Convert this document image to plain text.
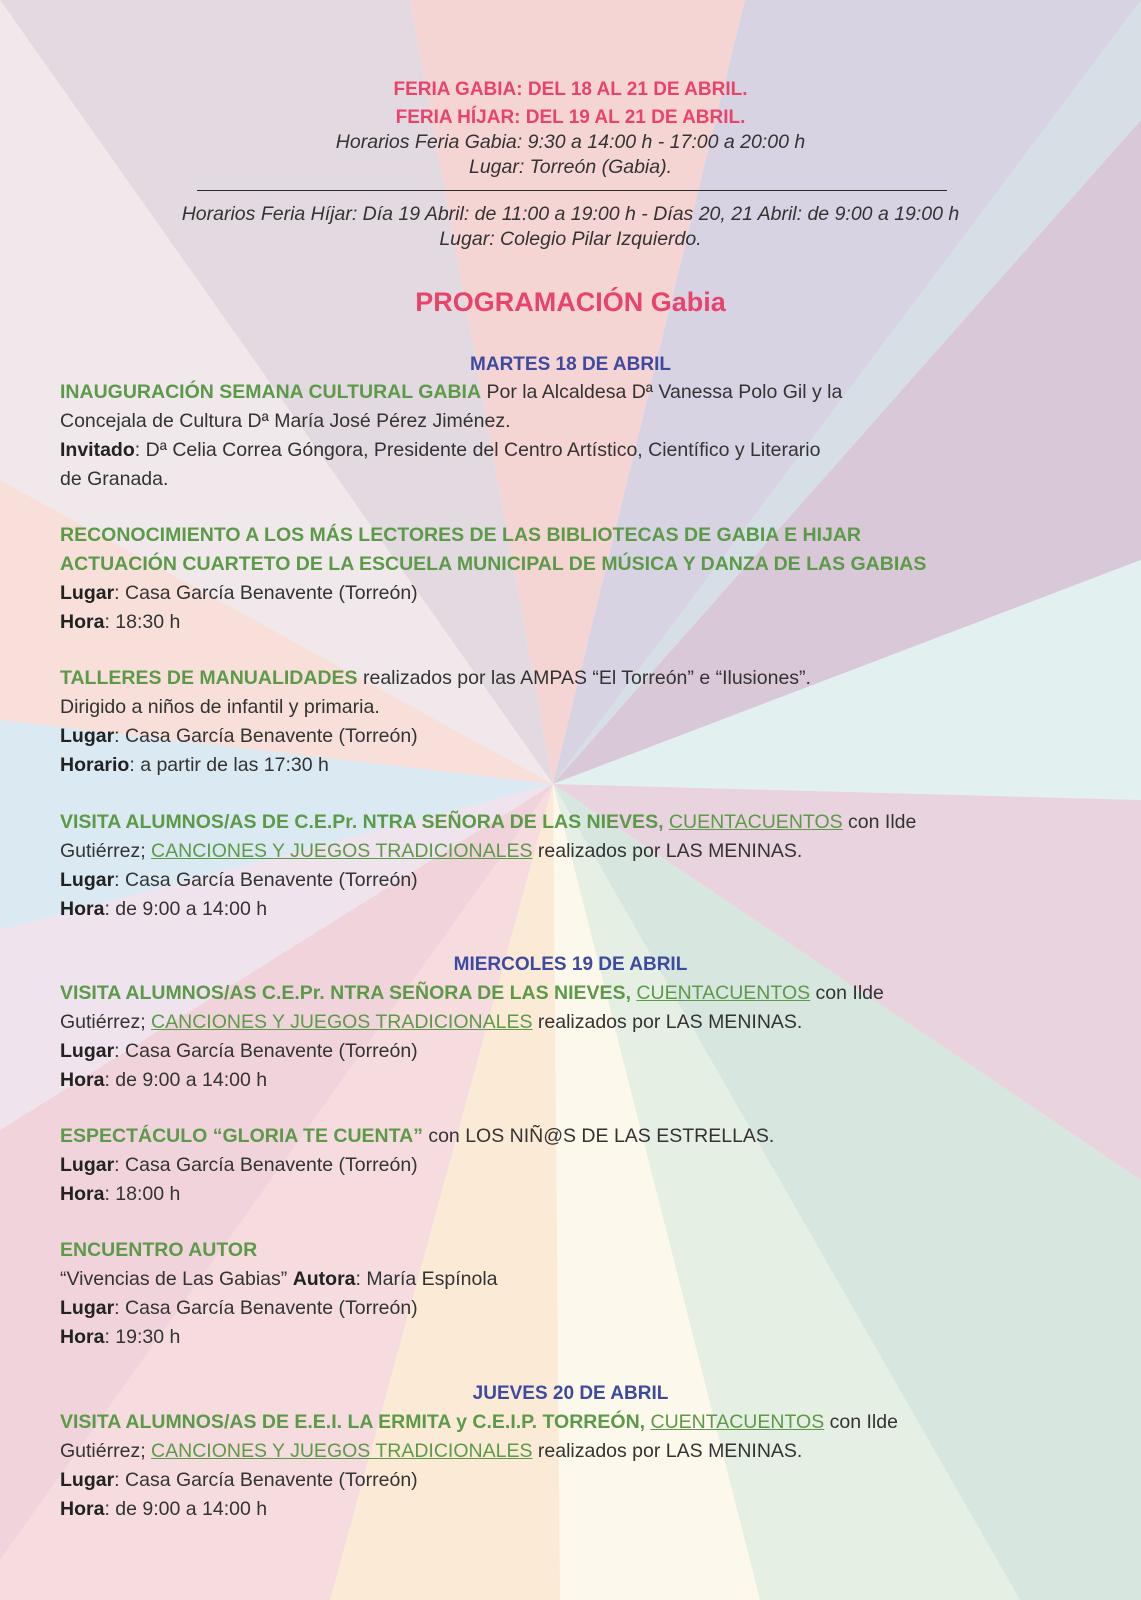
FERIA GABIA: DEL 18 AL 21 DE ABRIL.
FERIA HÍJAR: DEL 19 AL 21 DE ABRIL.
Horarios Feria Gabia: 9:30 a 14:00 h - 17:00 a 20:00 h
Lugar: Torreón (Gabia).
Horarios Feria Híjar: Día 19 Abril: de 11:00 a 19:00 h - Días 20, 21 Abril: de 9:00 a 19:00 h
Lugar: Colegio Pilar Izquierdo.
PROGRAMACIÓN Gabia
MARTES 18 DE ABRIL

INAUGURACIÓN SEMANA CULTURAL GABIA Por la Alcaldesa Dª Vanessa Polo Gil y la

Concejala de Cultura Dª María José Pérez Jiménez.

Invitado: Dª Celia Correa Góngora, Presidente del Centro Artístico, Científico y Literario

de Granada.

RECONOCIMIENTO A LOS MÁS LECTORES DE LAS BIBLIOTECAS DE GABIA E HIJAR

ACTUACIÓN CUARTETO DE LA ESCUELA MUNICIPAL DE MÚSICA Y DANZA DE LAS GABIAS

Lugar: Casa García Benavente (Torreón)

Hora: 18:30 h

TALLERES DE MANUALIDADES realizados por las AMPAS “El Torreón” e “Ilusiones”.

Dirigido a niños de infantil y primaria.

Lugar: Casa García Benavente (Torreón)

Horario: a partir de las 17:30 h

VISITA ALUMNOS/AS DE C.E.Pr. NTRA SEÑORA DE LAS NIEVES, CUENTACUENTOS con Ilde

Gutiérrez; CANCIONES Y JUEGOS TRADICIONALES realizados por LAS MENINAS.

Lugar: Casa García Benavente (Torreón)

Hora: de 9:00 a 14:00 h

MIERCOLES 19 DE ABRIL

VISITA ALUMNOS/AS C.E.Pr. NTRA SEÑORA DE LAS NIEVES, CUENTACUENTOS con Ilde

Gutiérrez; CANCIONES Y JUEGOS TRADICIONALES realizados por LAS MENINAS.

Lugar: Casa García Benavente (Torreón)

Hora: de 9:00 a 14:00 h

ESPECTÁCULO “GLORIA TE CUENTA” con LOS NIÑ@S DE LAS ESTRELLAS.

Lugar: Casa García Benavente (Torreón)

Hora: 18:00 h

ENCUENTRO AUTOR

“Vivencias de Las Gabias” Autora: María Espínola

Lugar: Casa García Benavente (Torreón)

Hora: 19:30 h

JUEVES 20 DE ABRIL

VISITA ALUMNOS/AS DE E.E.I. LA ERMITA y C.E.I.P. TORREÓN, CUENTACUENTOS con Ilde

Gutiérrez; CANCIONES Y JUEGOS TRADICIONALES realizados por LAS MENINAS.

Lugar: Casa García Benavente (Torreón)

Hora: de 9:00 a 14:00 h
